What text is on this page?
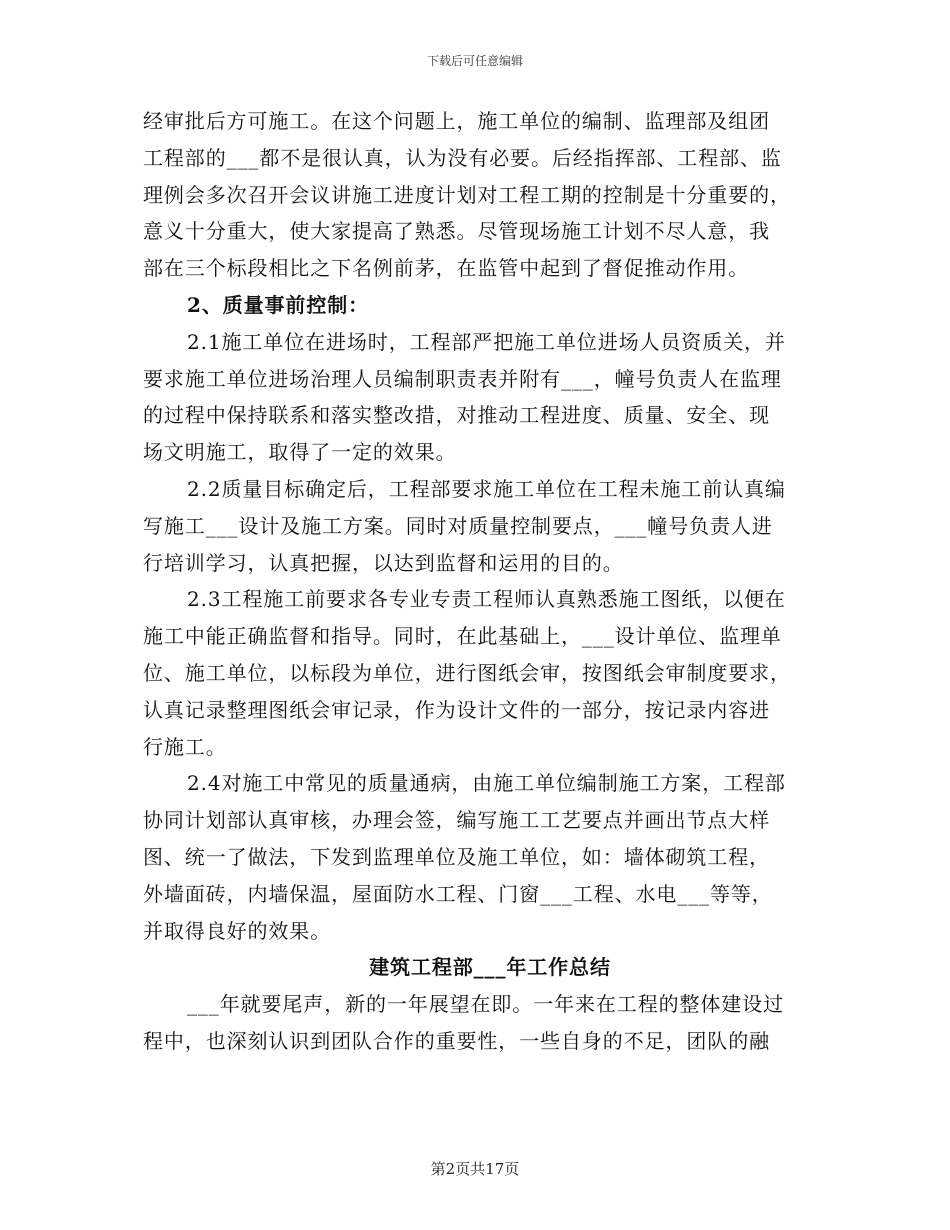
下载后可任意编辑
经审批后方可施工。在这个问题上，施工单位的编制、监理部及组团
工程部的___都不是很认真，认为没有必要。后经指挥部、工程部、监
理例会多次召开会议讲施工进度计划对工程工期的控制是十分重要的，
意义十分重大，使大家提高了熟悉。尽管现场施工计划不尽人意，我
部在三个标段相比之下名例前茅，在监管中起到了督促推动作用。
2、质量事前控制：
2.1施工单位在进场时，工程部严把施工单位进场人员资质关，并
要求施工单位进场治理人员编制职责表并附有___，幢号负责人在监理
的过程中保持联系和落实整改措，对推动工程进度、质量、安全、现
场文明施工，取得了一定的效果。
2.2质量目标确定后，工程部要求施工单位在工程未施工前认真编
写施工___设计及施工方案。同时对质量控制要点，___幢号负责人进
行培训学习，认真把握，以达到监督和运用的目的。
2.3工程施工前要求各专业专责工程师认真熟悉施工图纸，以便在
施工中能正确监督和指导。同时，在此基础上，___设计单位、监理单
位、施工单位，以标段为单位，进行图纸会审，按图纸会审制度要求，
认真记录整理图纸会审记录，作为设计文件的一部分，按记录内容进
行施工。
2.4对施工中常见的质量通病，由施工单位编制施工方案，工程部
协同计划部认真审核，办理会签，编写施工工艺要点并画出节点大样
图、统一了做法，下发到监理单位及施工单位，如：墙体砌筑工程，
外墙面砖，内墙保温，屋面防水工程、门窗___工程、水电___等等，
并取得良好的效果。
建筑工程部___年工作总结
___年就要尾声，新的一年展望在即。一年来在工程的整体建设过
程中，也深刻认识到团队合作的重要性，一些自身的不足，团队的融
第2页共17页
